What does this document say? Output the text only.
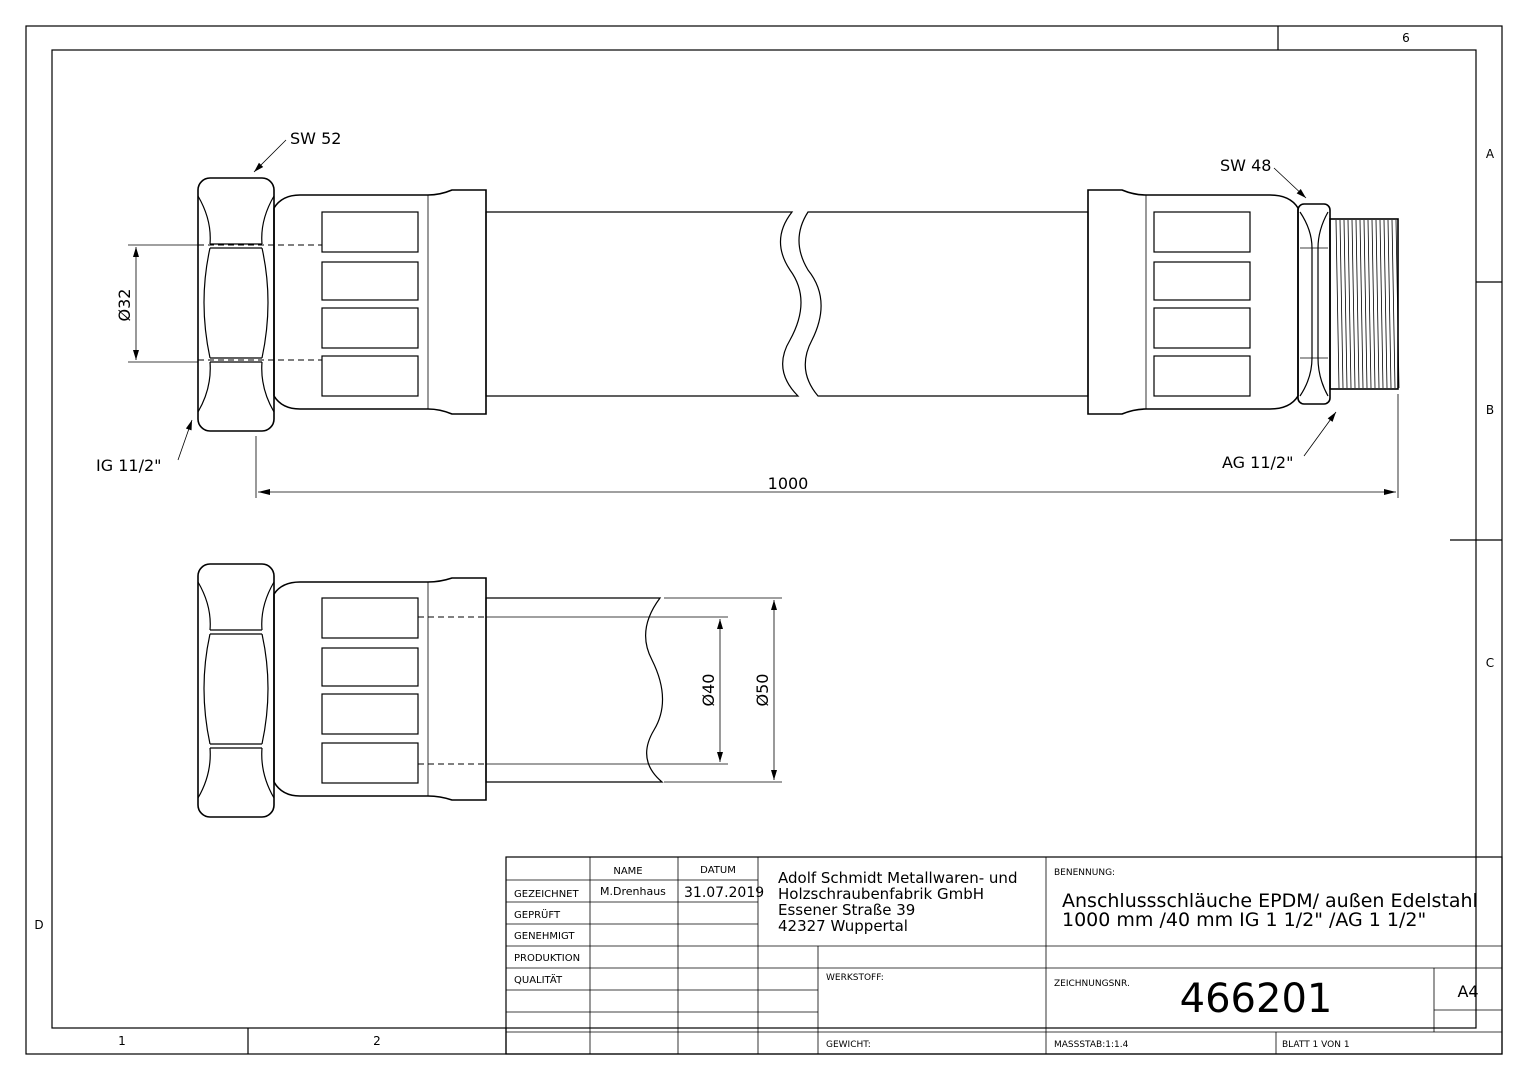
6
A
B
C
D
1	2
Ø32
1000
SW 52
IG 11/2"
SW 48
AG 11/2"
Ø40 Ø50
NAME	DATUM
GEZEICHNET M.Drenhaus 31.07.2019
GEPRÜFT
GENEHMIGT
PRODUKTION
QUALITÄT
Adolf Schmidt Metallwaren- und
Holzschraubenfabrik GmbH
Essener Straße 39
42327 Wuppertal
BENENNUNG:
Anschlussschläuche EPDM/ außen Edelstahl
1000 mm /40 mm IG 1 1/2" /AG 1 1/2"
WERKSTOFF:
ZEICHNUNGSNR. 466201	A4
GEWICHT:	MASSSTAB:1:1.4	BLATT 1 VON 1
